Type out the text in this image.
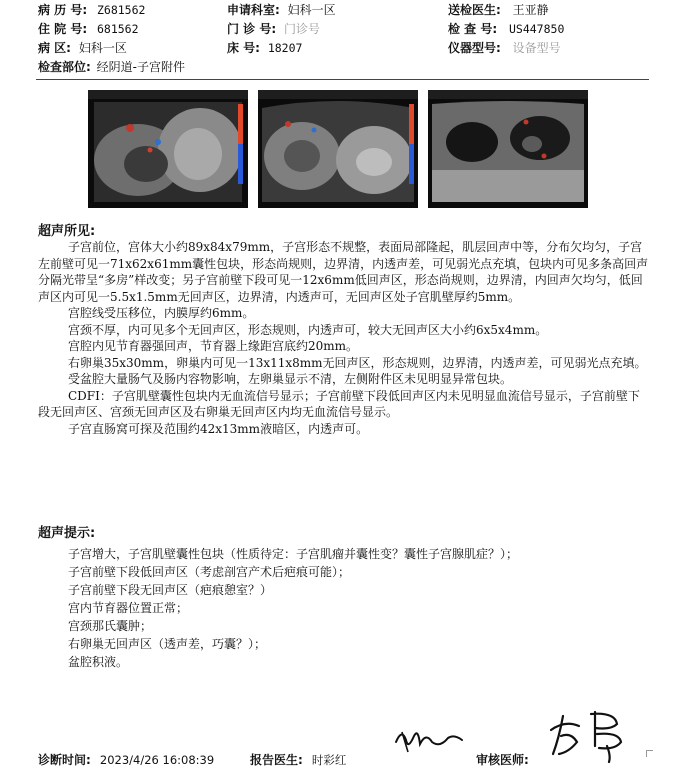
病 历 号: Z681562	申请科室: 妇科一区	送检医生: 王亚静
住 院 号: 681562	门 诊 号: 门诊号	检 查 号: US447850
病 区: 妇科一区	床 号: 18207	仪器型号: 设备型号
检查部位: 经阴道-子宫附件
超声所见:

子宫前位，宫体大小约89x84x79mm，子宫形态不规整，表面局部隆起，肌层回声中等，分布欠均匀，子宫左前壁可见一71x62x61mm囊性包块，形态尚规则，边界清，内透声差，可见弱光点充填，包块内可见多条高回声分隔光带呈“多房”样改变；另子宫前壁下段可见一12x6mm低回声区，形态尚规则，边界清，内回声欠均匀，低回声区内可见一5.5x1.5mm无回声区，边界清，内透声可，无回声区处子宫肌壁厚约5mm。

宫腔线受压移位，内膜厚约6mm。

宫颈不厚，内可见多个无回声区，形态规则，内透声可，较大无回声区大小约6x5x4mm。

宫腔内见节育器强回声，节育器上缘距宫底约20mm。

右卵巢35x30mm，卵巢内可见一13x11x8mm无回声区，形态规则，边界清，内透声差，可见弱光点充填。

受盆腔大量肠气及肠内容物影响，左卵巢显示不清，左侧附件区未见明显异常包块。

CDFI：子宫肌壁囊性包块内无血流信号显示；子宫前壁下段低回声区内未见明显血流信号显示，子宫前壁下段无回声区、宫颈无回声区及右卵巢无回声区内均无血流信号显示。

子宫直肠窝可探及范围约42x13mm液暗区，内透声可。

超声提示:

子宫增大，子宫肌壁囊性包块（性质待定：子宫肌瘤并囊性变？囊性子宫腺肌症？）；

子宫前壁下段低回声区（考虑剖宫产术后疤痕可能）；

子宫前壁下段无回声区（疤痕憩室？）

宫内节育器位置正常；

宫颈那氏囊肿；

右卵巢无回声区（透声差，巧囊？）；

盆腔积液。

诊断时间: 2023/4/26 16:08:39	报告医生: 时彩红	审核医师:
